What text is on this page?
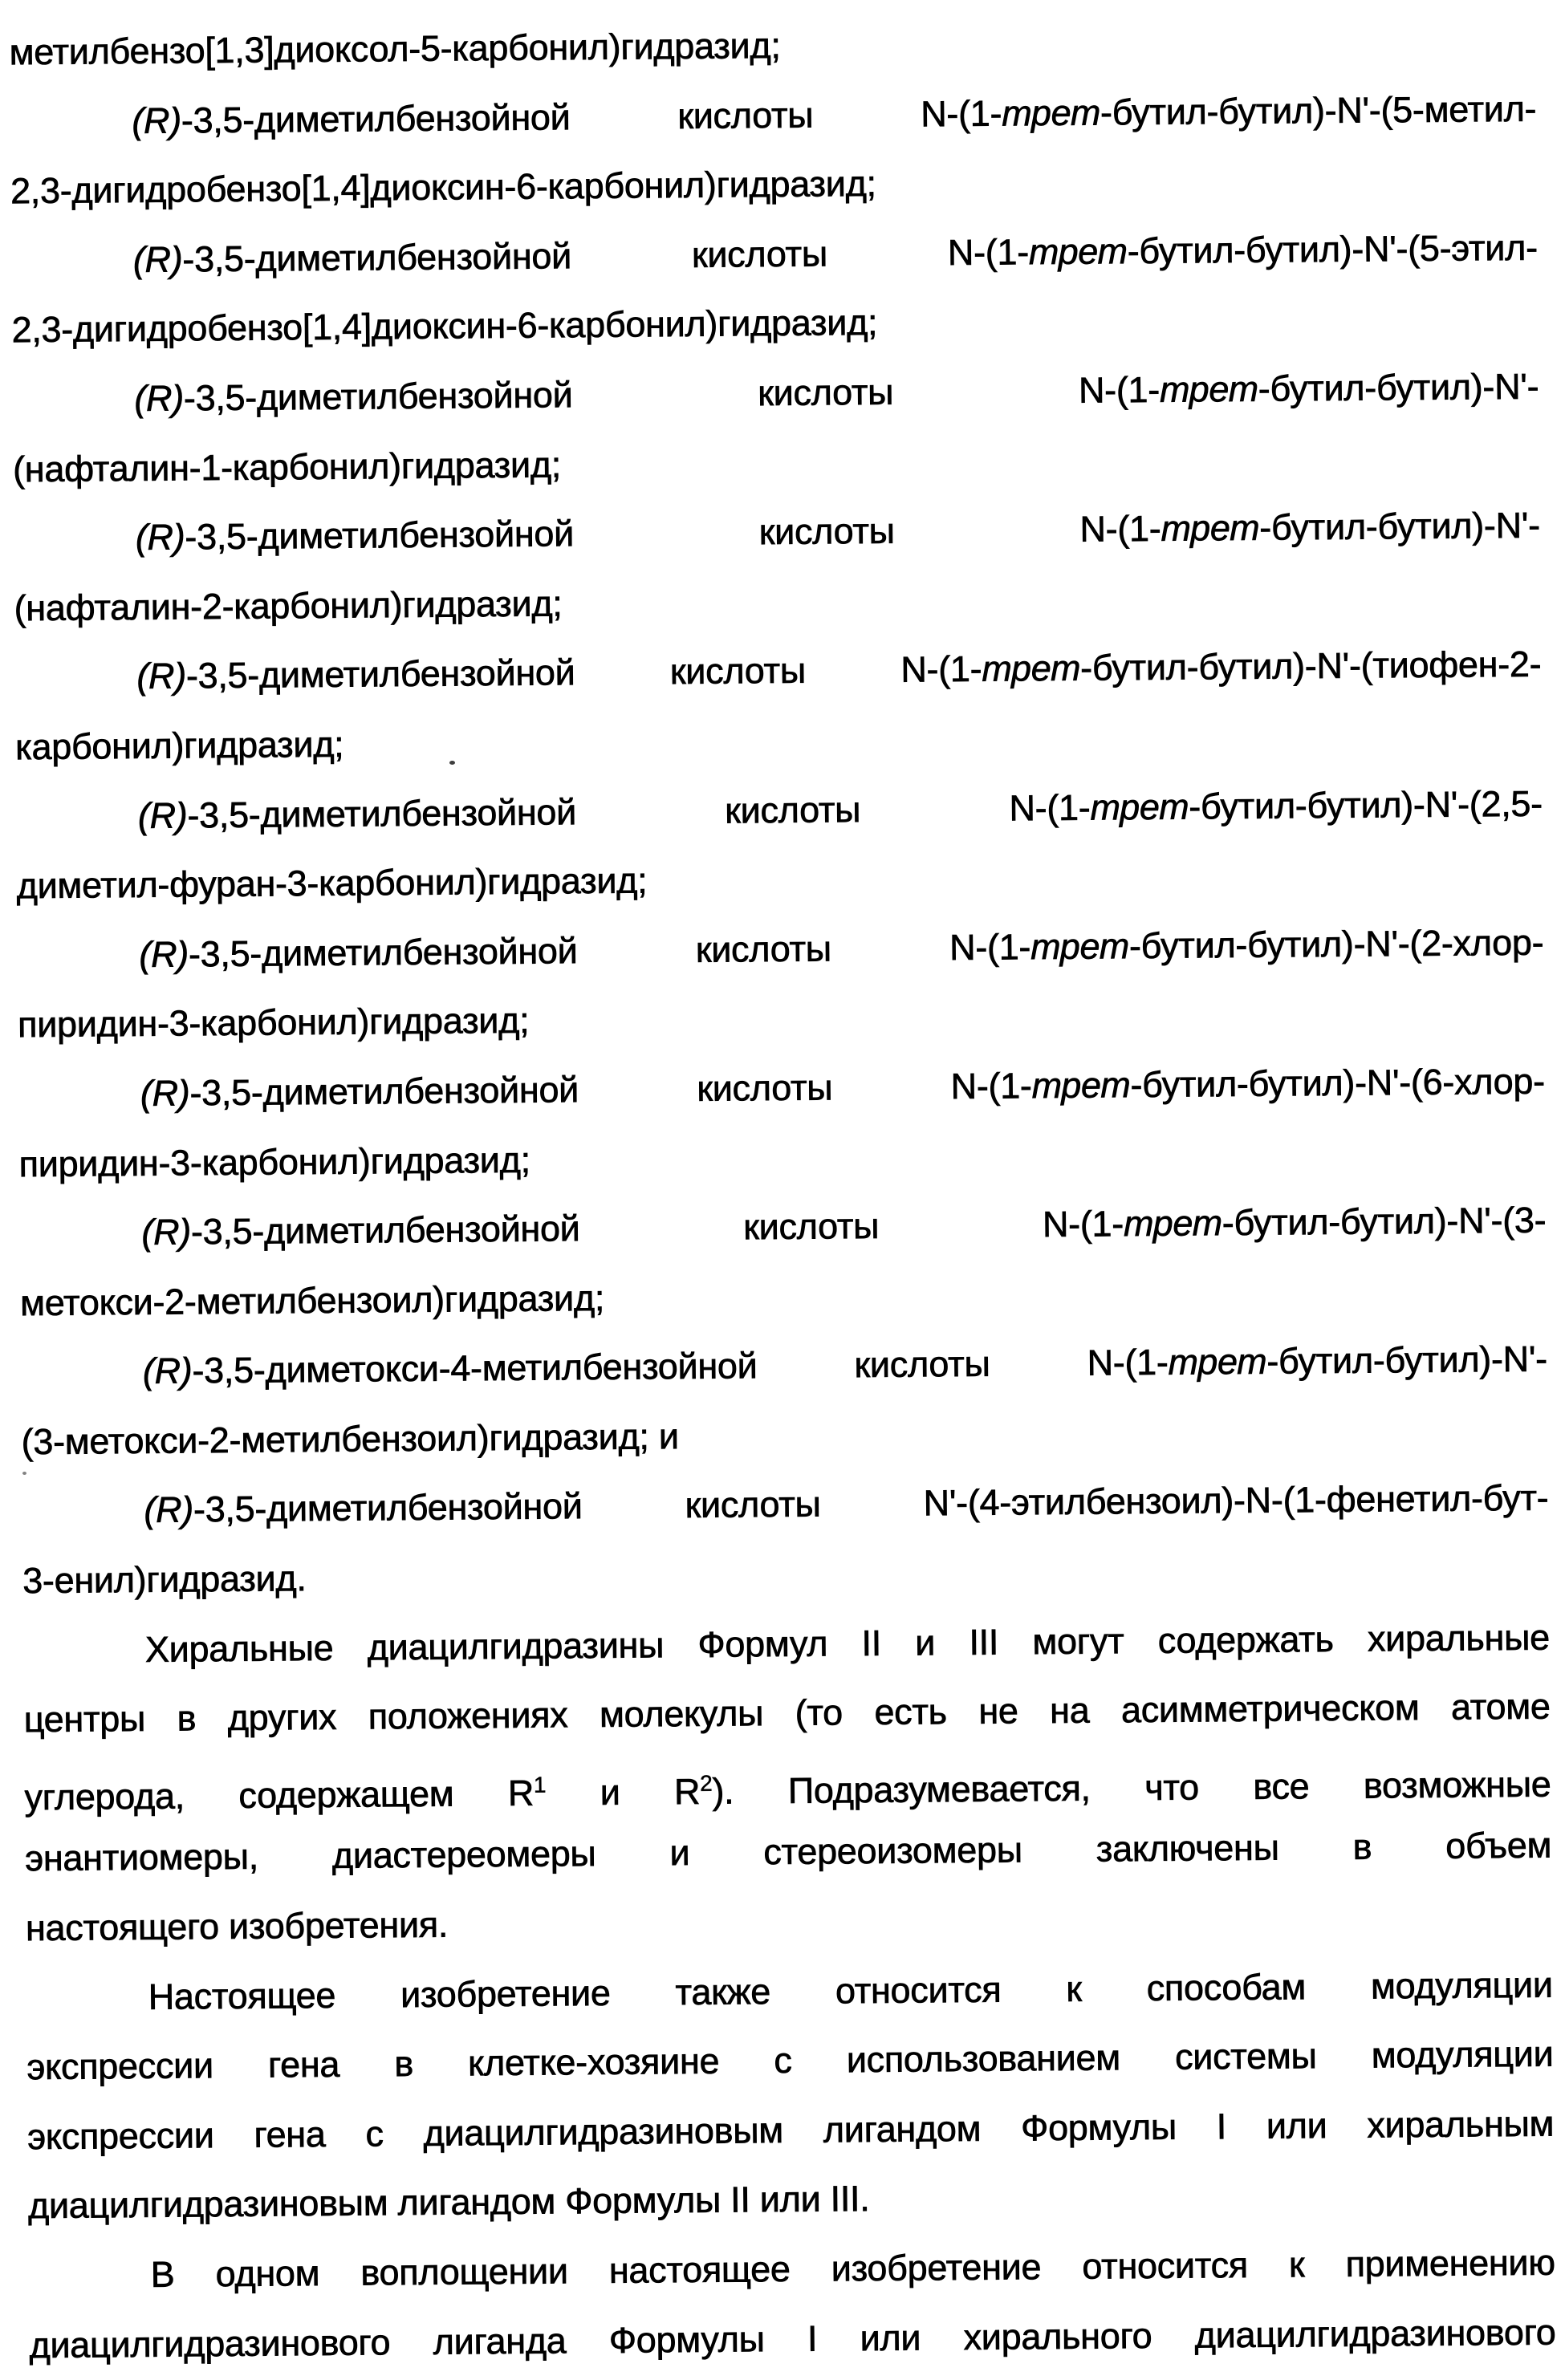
метилбензо[1,3]диоксол-5-карбонил)гидразид;
(R)-3,5-диметилбензойной кислоты N-(1-трет-бутил-бутил)-N'-(5-метил-
2,3-дигидробензо[1,4]диоксин-6-карбонил)гидразид;
(R)-3,5-диметилбензойной кислоты N-(1-трет-бутил-бутил)-N'-(5-этил-
2,3-дигидробензо[1,4]диоксин-6-карбонил)гидразид;
(R)-3,5-диметилбензойной кислоты N-(1-трет-бутил-бутил)-N'-
(нафталин-1-карбонил)гидразид;
(R)-3,5-диметилбензойной кислоты N-(1-трет-бутил-бутил)-N'-
(нафталин-2-карбонил)гидразид;
(R)-3,5-диметилбензойной кислоты N-(1-трет-бутил-бутил)-N'-(тиофен-2-
карбонил)гидразид;
(R)-3,5-диметилбензойной кислоты N-(1-трет-бутил-бутил)-N'-(2,5-
диметил-фуран-3-карбонил)гидразид;
(R)-3,5-диметилбензойной кислоты N-(1-трет-бутил-бутил)-N'-(2-хлор-
пиридин-3-карбонил)гидразид;
(R)-3,5-диметилбензойной кислоты N-(1-трет-бутил-бутил)-N'-(6-хлор-
пиридин-3-карбонил)гидразид;
(R)-3,5-диметилбензойной кислоты N-(1-трет-бутил-бутил)-N'-(3-
метокси-2-метилбензоил)гидразид;
(R)-3,5-диметокси-4-метилбензойной кислоты N-(1-трет-бутил-бутил)-N'-
(3-метокси-2-метилбензоил)гидразид; и
(R)-3,5-диметилбензойной кислоты N'-(4-этилбензоил)-N-(1-фенетил-бут-
3-енил)гидразид.
Хиральные диацилгидразины Формул II и III могут содержать хиральные
центры в других положениях молекулы (то есть не на асимметрическом атоме
углерода, содержащем $R^1$ и $R^2$). Подразумевается, что все возможные
энантиомеры, диастереомеры и стереоизомеры заключены в объем
настоящего изобретения.
Настоящее изобретение также относится к способам модуляции
экспрессии гена в клетке-хозяине с использованием системы модуляции
экспрессии гена с диацилгидразиновым лигандом Формулы I или хиральным
диацилгидразиновым лигандом Формулы II или III.
В одном воплощении настоящее изобретение относится к применению
диацилгидразинового лиганда Формулы I или хирального диацилгидразинового
